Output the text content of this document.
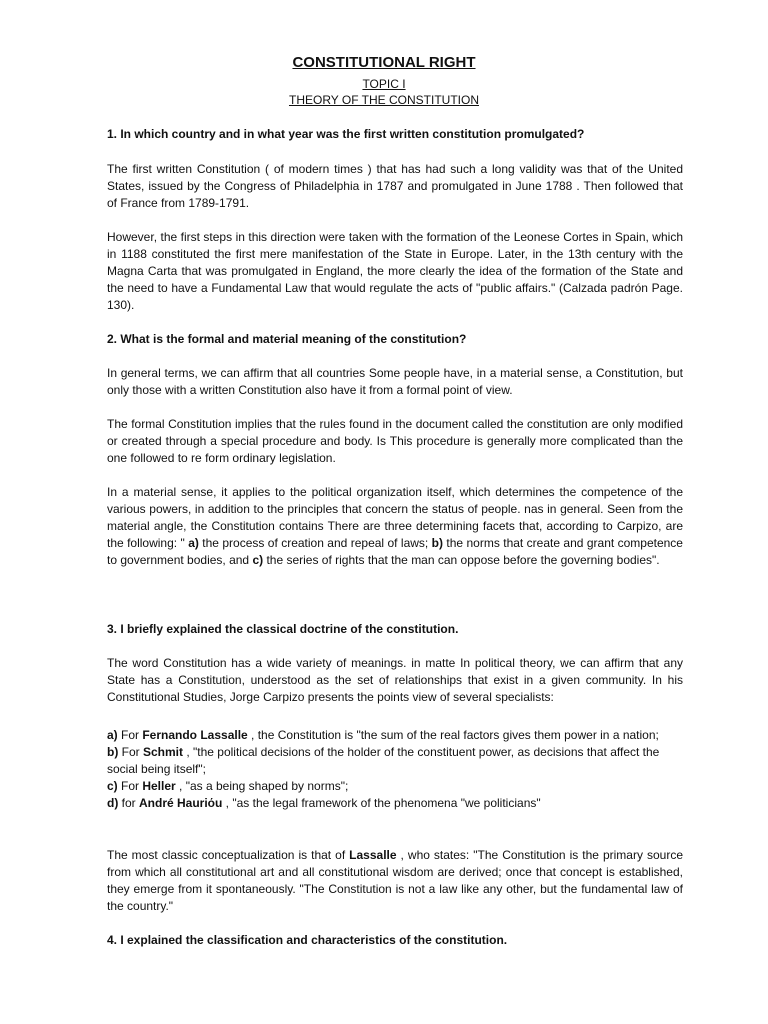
CONSTITUTIONAL RIGHT

TOPIC I

THEORY OF THE CONSTITUTION

1. In which country and in what year was the first written constitution promulgated?

The first written Constitution ( of modern times ) that has had such a long validity was that of the United States, issued by the Congress of Philadelphia in 1787 and promulgated in June 1788 . Then followed that of France from 1789-1791.

However, the first steps in this direction were taken with the formation of the Leonese Cortes in Spain, which in 1188 constituted the first mere manifestation of the State in Europe. Later, in the 13th century with the Magna Carta that was promulgated in England, the more clearly the idea of the formation of the State and the need to have a Fundamental Law that would regulate the acts of "public affairs." (Calzada padrón Page. 130).

2. What is the formal and material meaning of the constitution?

In general terms, we can affirm that all countries Some people have, in a material sense, a Constitution, but only those with a written Constitution also have it from a formal point of view.

The formal Constitution implies that the rules found in the document called the constitution are only modified or created through a special procedure and body. Is This procedure is generally more complicated than the one followed to re form ordinary legislation.

In a material sense, it applies to the political organization itself, which determines the competence of the various powers, in addition to the principles that concern the status of people. nas in general. Seen from the material angle, the Constitution contains There are three determining facets that, according to Carpizo, are the following: " a) the process of creation and repeal of laws; b) the norms that create and grant competence to government bodies, and c) the series of rights that the man can oppose before the governing bodies".

3. I briefly explained the classical doctrine of the constitution.

The word Constitution has a wide variety of meanings. in matte In political theory, we can affirm that any State has a Constitution, understood as the set of relationships that exist in a given community. In his Constitutional Studies, Jorge Carpizo presents the points view of several specialists:

a) For Fernando Lassalle , the Constitution is "the sum of the real factors gives them power in a nation;
b) For Schmit , "the political decisions of the holder of the constituent power, as decisions that affect the social being itself";
c) For Heller , "as a being shaped by norms";
d) for André Hauriόu , "as the legal framework of the phenomena "we politicians"

The most classic conceptualization is that of Lassalle , who states: "The Constitution is the primary source from which all constitutional art and all constitutional wisdom are derived; once that concept is established, they emerge from it spontaneously. "The Constitution is not a law like any other, but the fundamental law of the country."

4. I explained the classification and characteristics of the constitution.
